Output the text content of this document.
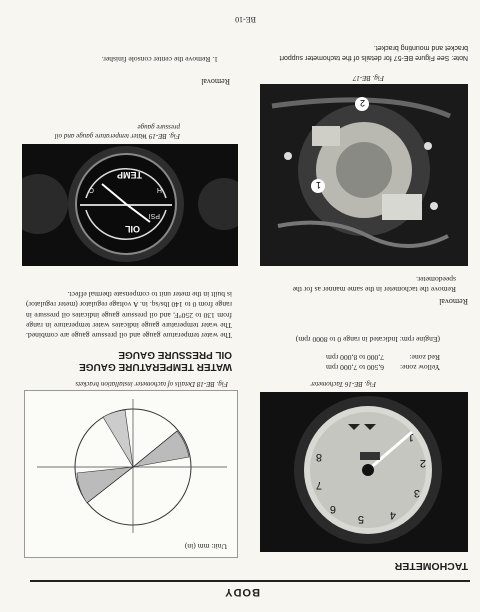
BODY
TACHOMETER
1
2
3
4
5
6
7
8
Fig. BE-16 Tachometer
Yellow zone:6,500 to 7,000 rpm
Red zone:7,000 to 8,000 rpm
(Engine rpm: Indicated in range 0 to 8000 rpm)
Removal
Remove the tachometer in the same manner as for the speedometer.
1
2
Fig. BE-17
Note: See Figure BE-57 for details of the tachometer support bracket and mounting bracket.
Unit: mm (in)
Fig. BE-18 Details of tachometer installation brackets
WATER TEMPERATURE GAUGE
OIL PRESSURE GAUGE
The water temperature gauge and oil pressure gauge are combined. The water temperature gauge indicates water temperature in range from 130 to 250°F, and oil pressure gauge indicates oil pressure in range from 0 to 140 lbs/sq. in. A voltage regulator (meter regulator) is built in the meter unit to compensate thermal effect.
OIL
TEMP
PSI
H
C
Fig. BE-19 Water temperature gauge and oil pressure gauge
Removal
1. Remove the center console finisher.
BE-10
